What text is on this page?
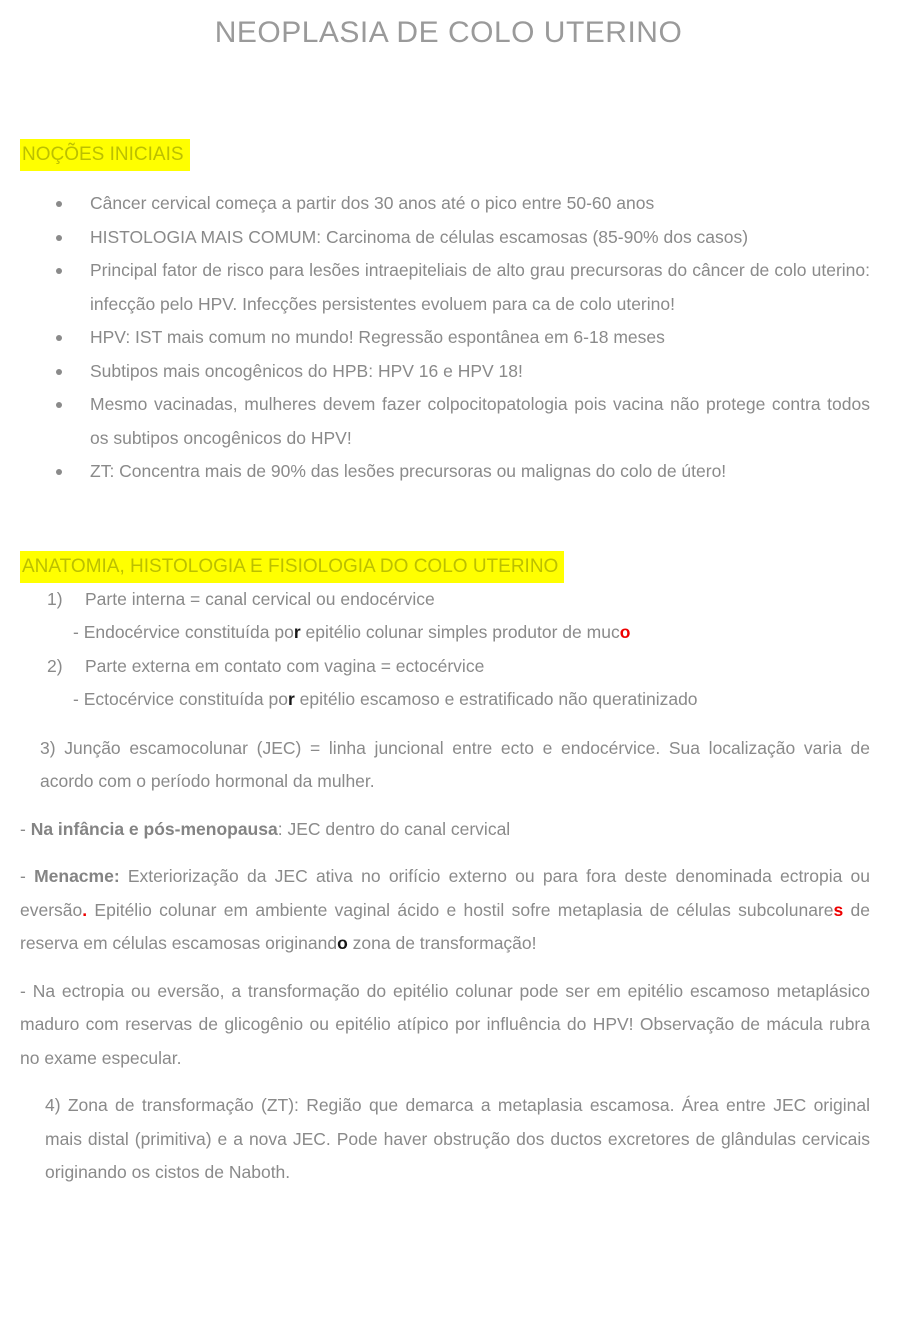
NEOPLASIA DE COLO UTERINO
NOÇÕES INICIAIS
Câncer cervical começa a partir dos 30 anos até o pico entre 50-60 anos
HISTOLOGIA MAIS COMUM: Carcinoma de células escamosas (85-90% dos casos)
Principal fator de risco para lesões intraepiteliais de alto grau precursoras do câncer de colo uterino: infecção pelo HPV. Infecções persistentes evoluem para ca de colo uterino!
HPV: IST mais comum no mundo! Regressão espontânea em 6-18 meses
Subtipos mais oncogênicos do HPB: HPV 16 e HPV 18!
Mesmo vacinadas, mulheres devem fazer colpocitopatologia pois vacina não protege contra todos os subtipos oncogênicos do HPV!
ZT: Concentra mais de 90% das lesões precursoras ou malignas do colo de útero!
ANATOMIA, HISTOLOGIA E FISIOLOGIA DO COLO UTERINO
1)	Parte interna = canal cervical ou endocérvice
- Endocérvice constituída por epitélio colunar simples produtor de muco
2)	Parte externa em contato com vagina = ectocérvice
- Ectocérvice constituída por epitélio escamoso e estratificado não queratinizado
3) Junção escamocolunar (JEC) = linha juncional entre ecto e endocérvice. Sua localização varia de acordo com o período hormonal da mulher.
- Na infância e pós-menopausa: JEC dentro do canal cervical
- Menacme: Exteriorização da JEC ativa no orifício externo ou para fora deste denominada ectropia ou eversão. Epitélio colunar em ambiente vaginal ácido e hostil sofre metaplasia de células subcolunares de reserva em células escamosas originando zona de transformação!
- Na ectropia ou eversão, a transformação do epitélio colunar pode ser em epitélio escamoso metaplásico maduro com reservas de glicogênio ou epitélio atípico por influência do HPV! Observação de mácula rubra no exame especular.
4) Zona de transformação (ZT): Região que demarca a metaplasia escamosa. Área entre JEC original mais distal (primitiva) e a nova JEC. Pode haver obstrução dos ductos excretores de glândulas cervicais originando os cistos de Naboth.
